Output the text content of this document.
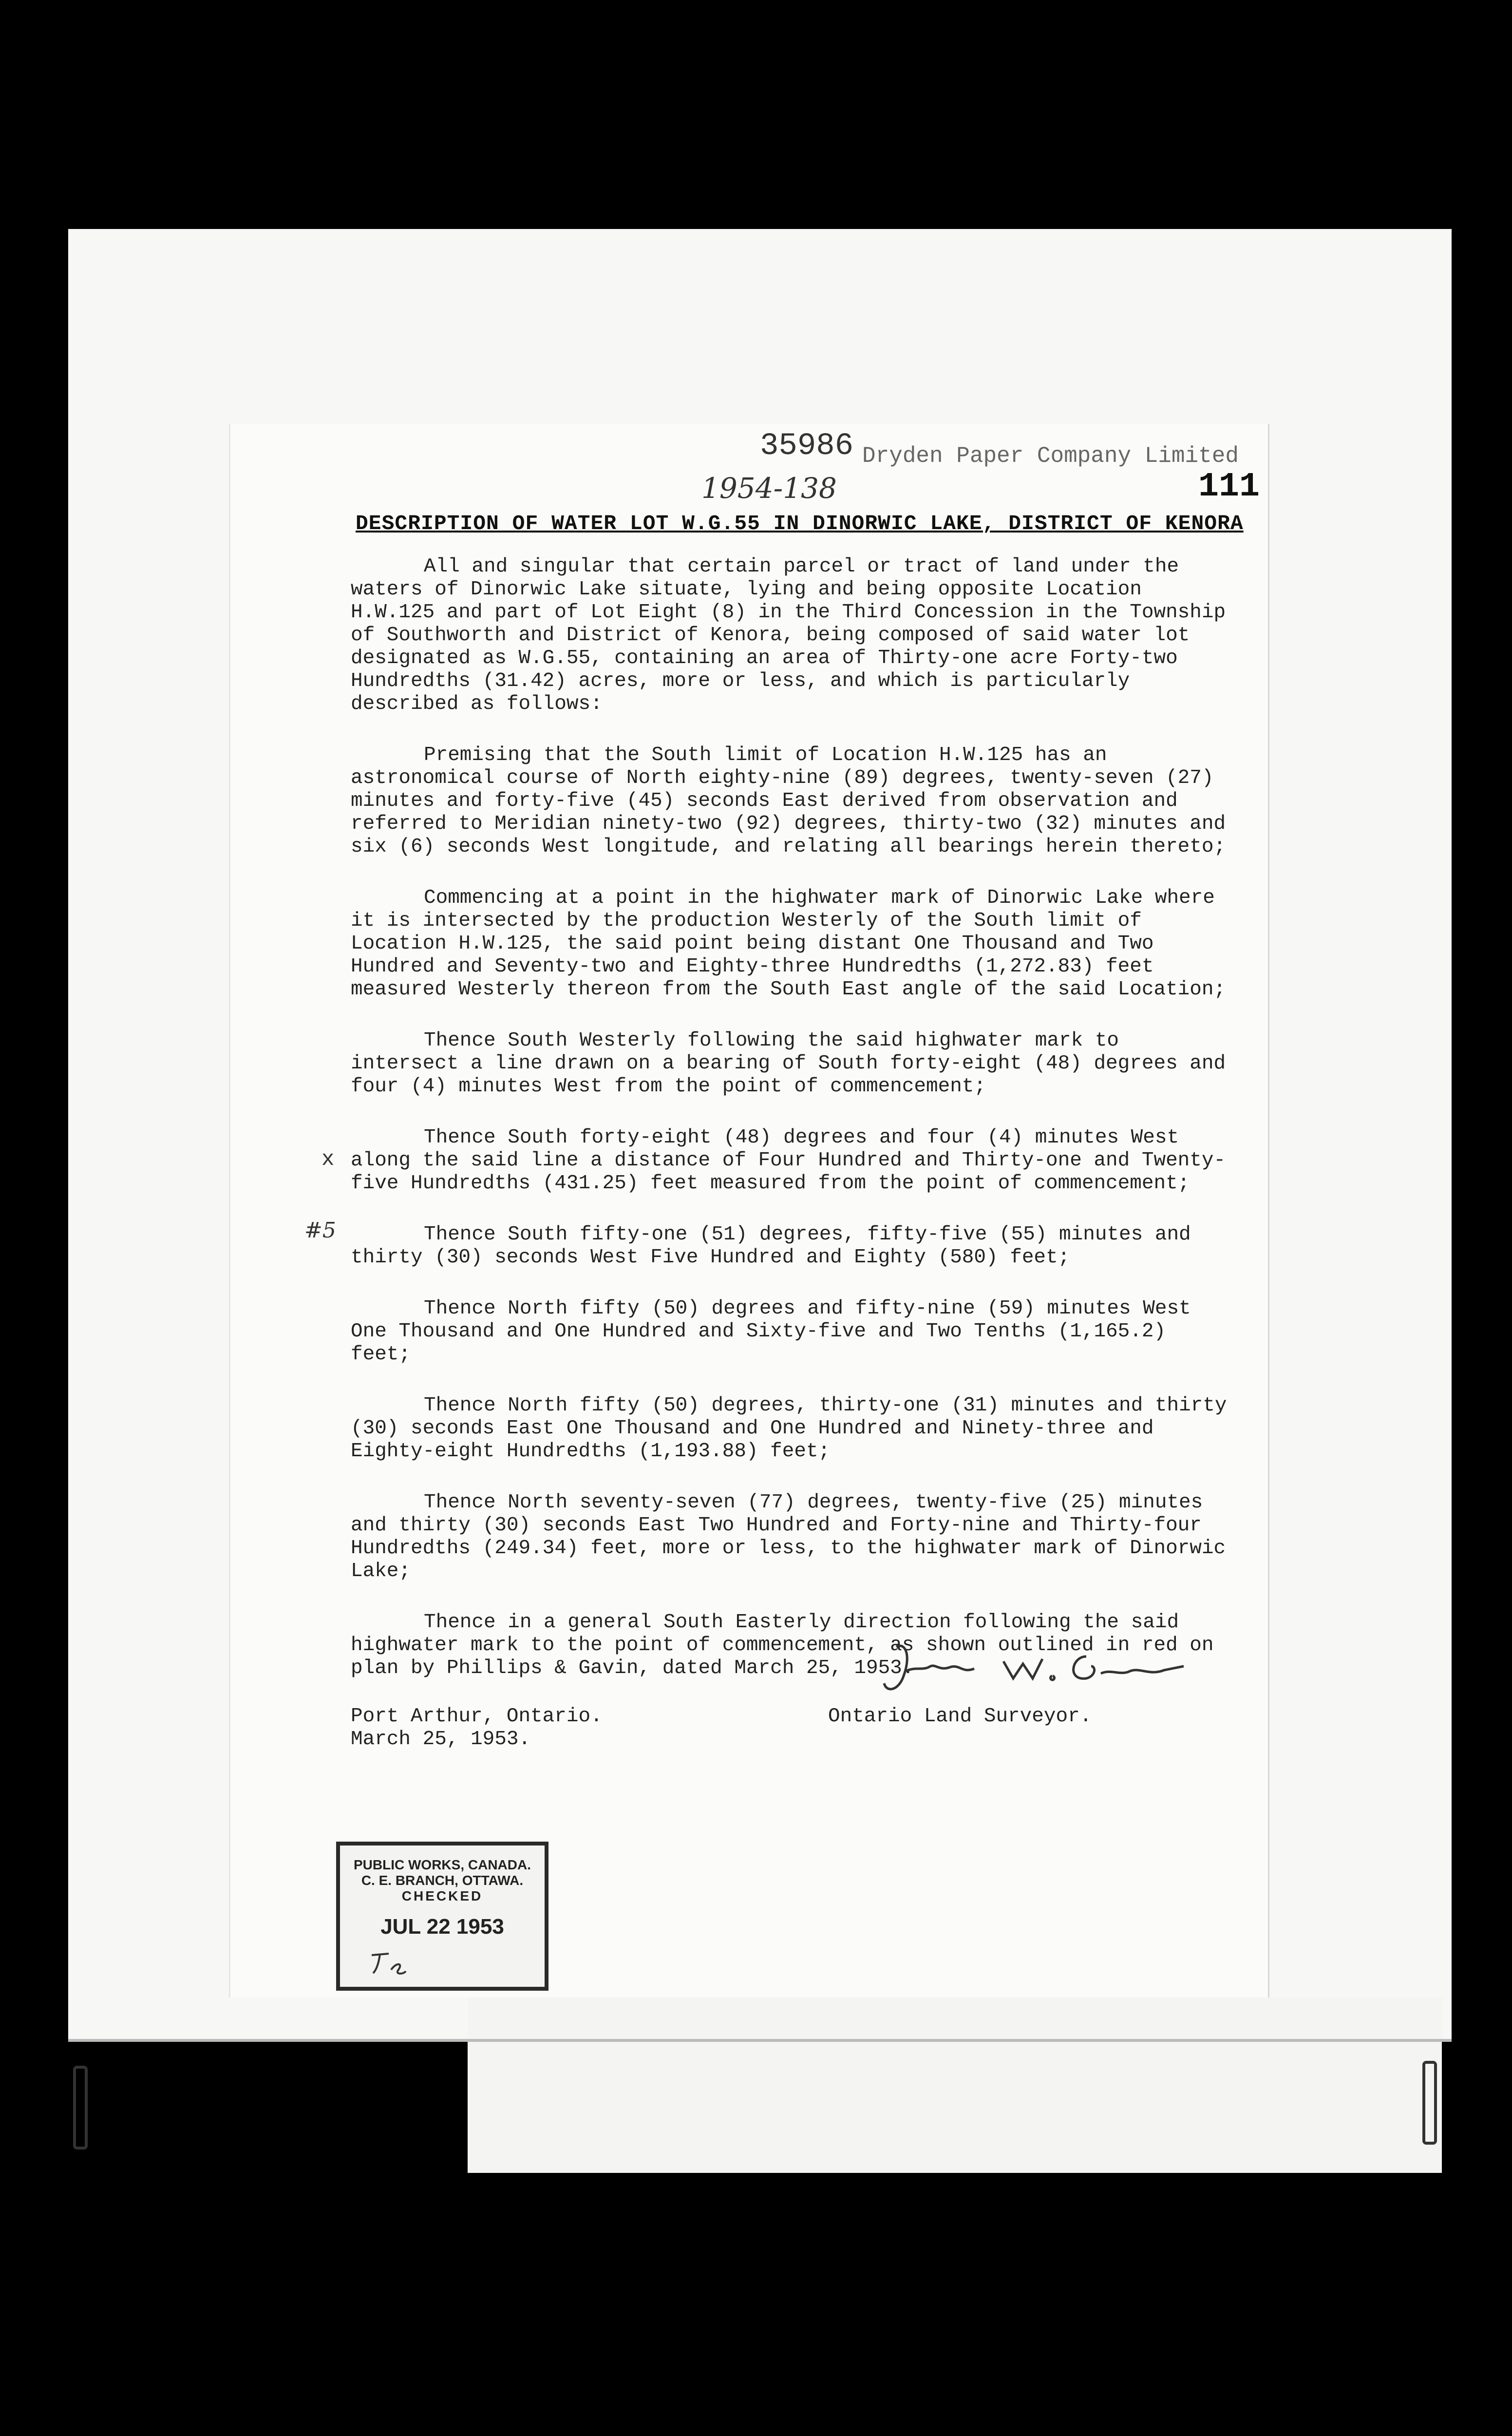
35986
1954-138
Dryden Paper Company Limited
111
DESCRIPTION OF WATER LOT W.G.55 IN DINORWIC LAKE, DISTRICT OF KENORA

All and singular that certain parcel or tract of land under the waters of Dinorwic Lake situate, lying and being opposite Location H.W.125 and part of Lot Eight (8) in the Third Concession in the Township of Southworth and District of Kenora, being composed of said water lot designated as W.G.55, containing an area of Thirty-one acre Forty-two Hundredths (31.42) acres, more or less, and which is particularly described as follows:

Premising that the South limit of Location H.W.125 has an astronomical course of North eighty-nine (89) degrees, twenty-seven (27) minutes and forty-five (45) seconds East derived from observation and referred to Meridian ninety-two (92) degrees, thirty-two (32) minutes and six (6) seconds West longitude, and relating all bearings herein thereto;

Commencing at a point in the highwater mark of Dinorwic Lake where it is intersected by the production Westerly of the South limit of Location H.W.125, the said point being distant One Thousand and Two Hundred and Seventy-two and Eighty-three Hundredths (1,272.83) feet measured Westerly thereon from the South East angle of the said Location;

Thence South Westerly following the said highwater mark to intersect a line drawn on a bearing of South forty-eight (48) degrees and four (4) minutes West from the point of commencement;

Thence South forty-eight (48) degrees and four (4) minutes West along the said line a distance of Four Hundred and Thirty-one and Twenty-five Hundredths (431.25) feet measured from the point of commencement;

Thence South fifty-one (51) degrees, fifty-five (55) minutes and thirty (30) seconds West Five Hundred and Eighty (580) feet;

Thence North fifty (50) degrees and fifty-nine (59) minutes West One Thousand and One Hundred and Sixty-five and Two Tenths (1,165.2) feet;

Thence North fifty (50) degrees, thirty-one (31) minutes and thirty (30) seconds East One Thousand and One Hundred and Ninety-three and Eighty-eight Hundredths (1,193.88) feet;

Thence North seventy-seven (77) degrees, twenty-five (25) minutes and thirty (30) seconds East Two Hundred and Forty-nine and Thirty-four Hundredths (249.34) feet, more or less, to the highwater mark of Dinorwic Lake;

Thence in a general South Easterly direction following the said highwater mark to the point of commencement, as shown outlined in red on plan by Phillips & Gavin, dated March 25, 1953.

x
#5
Port Arthur, Ontario.
March 25, 1953.
Ontario Land Surveyor.
PUBLIC WORKS, CANADA.
C. E. BRANCH, OTTAWA.
CHECKED
JUL 22 1953
